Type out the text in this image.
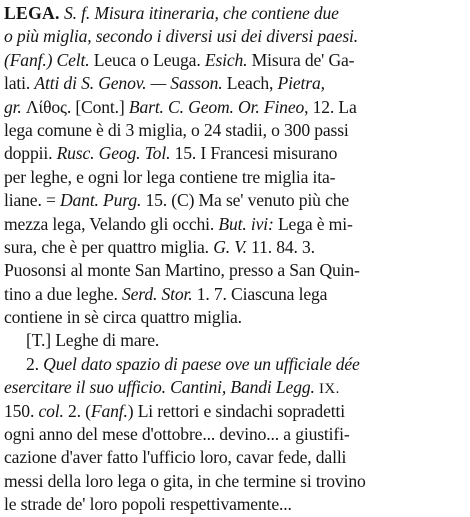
LEGA. S. f. Misura itineraria, che contiene due
o più miglia, secondo i diversi usi dei diversi paesi.
(Fanf.) Celt. Leuca o Leuga. Esich. Misura de' Ga-
lati. Atti di S. Genov. — Sasson. Leach, Pietra,
gr. Λίθος. [Cont.] Bart. C. Geom. Or. Fineo, 12. La
lega comune è di 3 miglia, o 24 stadii, o 300 passi
doppii. Rusc. Geog. Tol. 15. I Francesi misurano
per leghe, e ogni lor lega contiene tre miglia ita-
liane. = Dant. Purg. 15. (C) Ma se' venuto più che
mezza lega, Velando gli occhi. But. ivi: Lega è mi-
sura, che è per quattro miglia. G. V. 11. 84. 3.
Puosonsi al monte San Martino, presso a San Quin-
tino a due leghe. Serd. Stor. 1. 7. Ciascuna lega
contiene in sè circa quattro miglia.
[T.] Leghe di mare.
2. Quel dato spazio di paese ove un ufficiale dée
esercitare il suo ufficio. Cantini, Bandi Legg. IX.
150. col. 2. (Fanf.) Li rettori e sindachi sopradetti
ogni anno del mese d'ottobre... devino... a giustifi-
cazione d'aver fatto l'ufficio loro, cavar fede, dalli
messi della loro lega o gita, in che termine si trovino
le strade de' loro popoli respettivamente...
